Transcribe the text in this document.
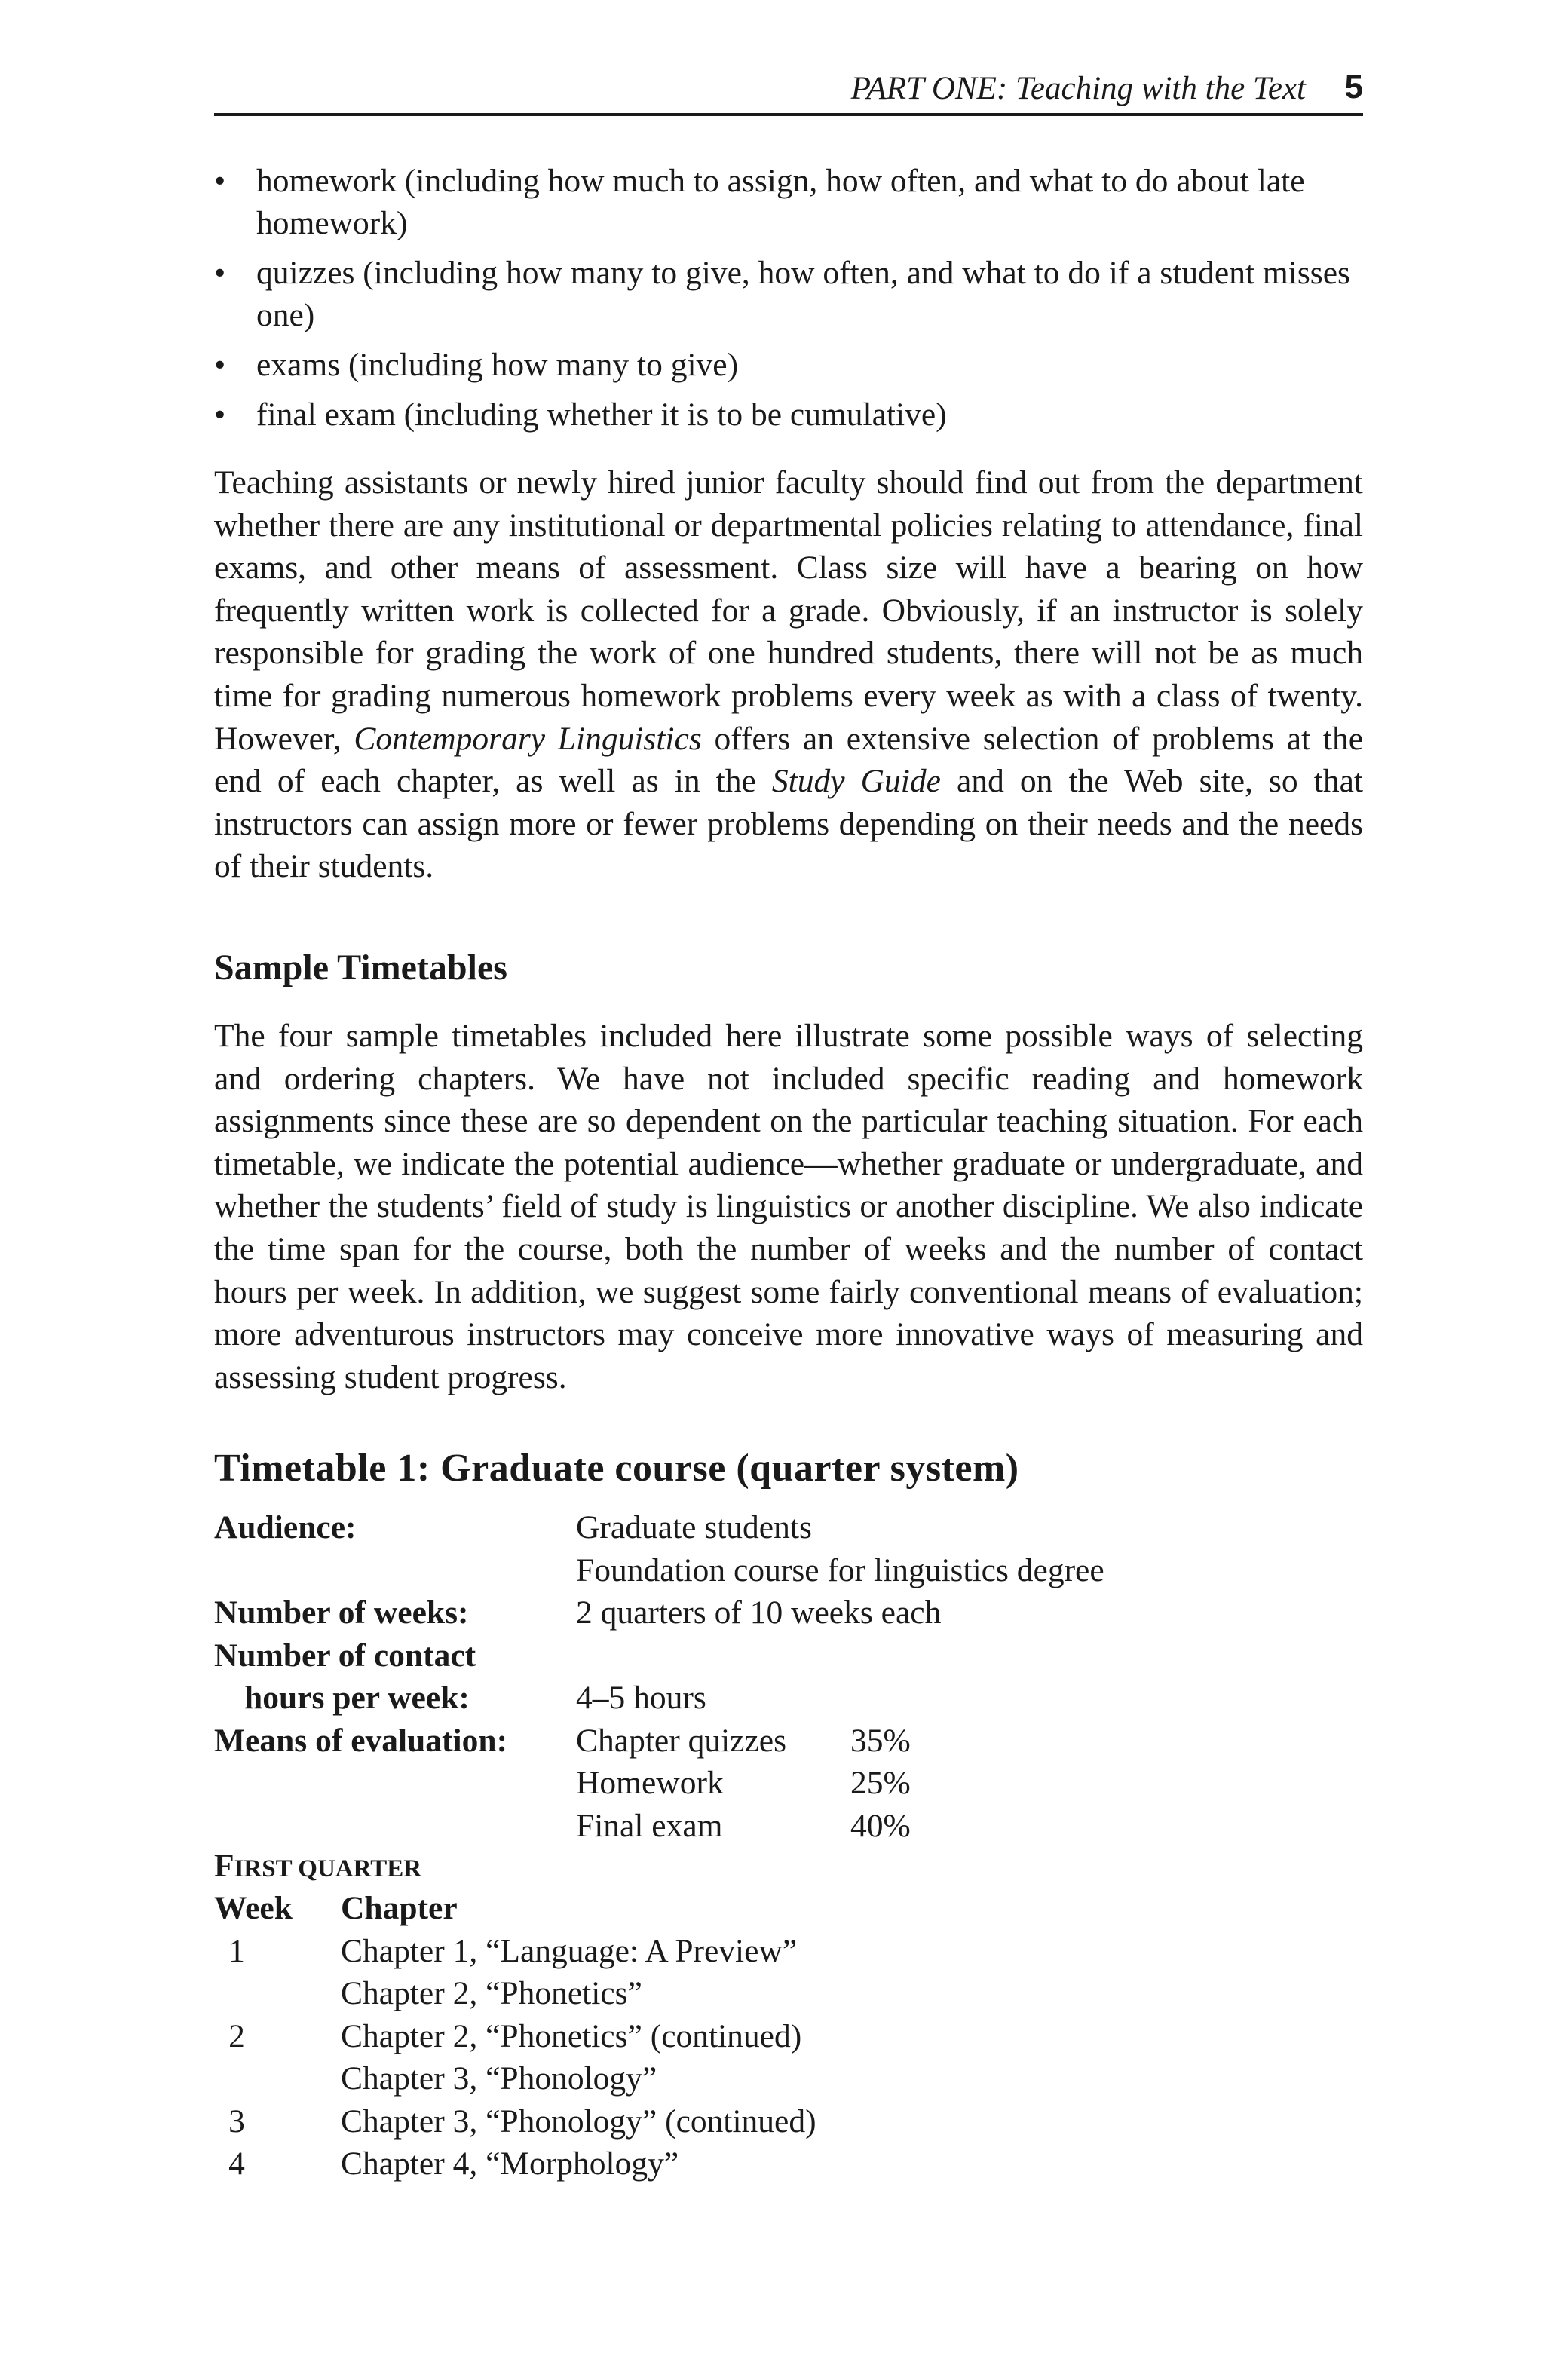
PART ONE: Teaching with the Text 5
• homework (including how much to assign, how often, and what to do about late homework)
• quizzes (including how many to give, how often, and what to do if a student misses one)
• exams (including how many to give)
• final exam (including whether it is to be cumulative)

Teaching assistants or newly hired junior faculty should find out from the department whether there are any institutional or departmental policies relating to attendance, final exams, and other means of assessment. Class size will have a bearing on how frequently written work is collected for a grade. Obviously, if an instructor is solely responsible for grading the work of one hundred students, there will not be as much time for grading numerous homework problems every week as with a class of twenty. However, Contemporary Linguistics offers an extensive selection of problems at the end of each chapter, as well as in the Study Guide and on the Web site, so that instructors can assign more or fewer problems depending on their needs and the needs of their students.

Sample Timetables

The four sample timetables included here illustrate some possible ways of selecting and ordering chapters. We have not included specific reading and homework assignments since these are so dependent on the particular teaching situation. For each timetable, we indicate the potential audience—whether graduate or undergraduate, and whether the students’ field of study is linguistics or another discipline. We also indicate the time span for the course, both the number of weeks and the number of contact hours per week. In addition, we suggest some fairly conventional means of evaluation; more adventurous instructors may conceive more innovative ways of measuring and assessing student progress.

Timetable 1: Graduate course (quarter system)
Audience:	Graduate students
Foundation course for linguistics degree
Number of weeks:	2 quarters of 10 weeks each
Number of contact
hours per week:	4–5 hours
Means of evaluation: Chapter quizzes 35%
Homework	25%
Final exam	40%
FIRST QUARTER
Week Chapter
1	Chapter 1, “Language: A Preview”
Chapter 2, “Phonetics”
2	Chapter 2, “Phonetics” (continued)
Chapter 3, “Phonology”
3	Chapter 3, “Phonology” (continued)
4	Chapter 4, “Morphology”
